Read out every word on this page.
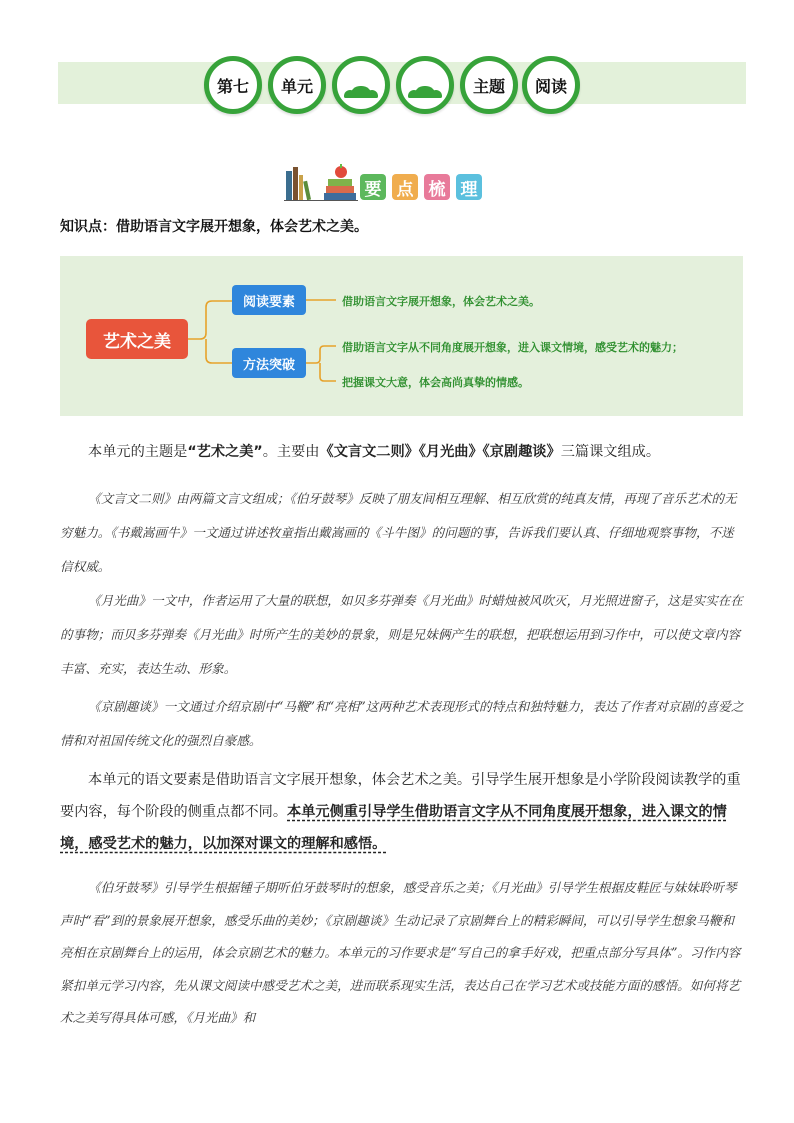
第七	单元	主题	阅读
要 点 梳 理
知识点：借助语言文字展开想象，体会艺术之美。
艺术之美
阅读要素
方法突破
借助语言文字展开想象，体会艺术之美。
借助语言文字从不同角度展开想象，进入课文情境，感受艺术的魅力；
把握课文大意，体会高尚真挚的情感。
本单元的主题是“艺术之美”。主要由《文言文二则》《月光曲》《京剧趣谈》三篇课文组成。
《文言文二则》由两篇文言文组成；《伯牙鼓琴》反映了朋友间相互理解、相互欣赏的纯真友情，再现了音乐艺术的无穷魅力。《书戴嵩画牛》一文通过讲述牧童指出戴嵩画的《斗牛图》的问题的事，告诉我们要认真、仔细地观察事物，不迷信权威。
《月光曲》一文中，作者运用了大量的联想，如贝多芬弹奏《月光曲》时蜡烛被风吹灭，月光照进窗子，这是实实在在的事物；而贝多芬弹奏《月光曲》时所产生的美妙的景象，则是兄妹俩产生的联想，把联想运用到习作中，可以使文章内容丰富、充实，表达生动、形象。
《京剧趣谈》一文通过介绍京剧中“马鞭”和“亮相”这两种艺术表现形式的特点和独特魅力，表达了作者对京剧的喜爱之情和对祖国传统文化的强烈自豪感。
本单元的语文要素是借助语言文字展开想象，体会艺术之美。引导学生展开想象是小学阶段阅读教学的重要内容，每个阶段的侧重点都不同。本单元侧重引导学生借助语言文字从不同角度展开想象，进入课文的情境，感受艺术的魅力，以加深对课文的理解和感悟。
《伯牙鼓琴》引导学生根据锺子期听伯牙鼓琴时的想象，感受音乐之美；《月光曲》引导学生根据皮鞋匠与妹妹聆听琴声时“看”到的景象展开想象，感受乐曲的美妙；《京剧趣谈》生动记录了京剧舞台上的精彩瞬间，可以引导学生想象马鞭和亮相在京剧舞台上的运用，体会京剧艺术的魅力。本单元的习作要求是“写自己的拿手好戏，把重点部分写具体”。习作内容紧扣单元学习内容，先从课文阅读中感受艺术之美，进而联系现实生活，表达自己在学习艺术或技能方面的感悟。如何将艺术之美写得具体可感，《月光曲》和
